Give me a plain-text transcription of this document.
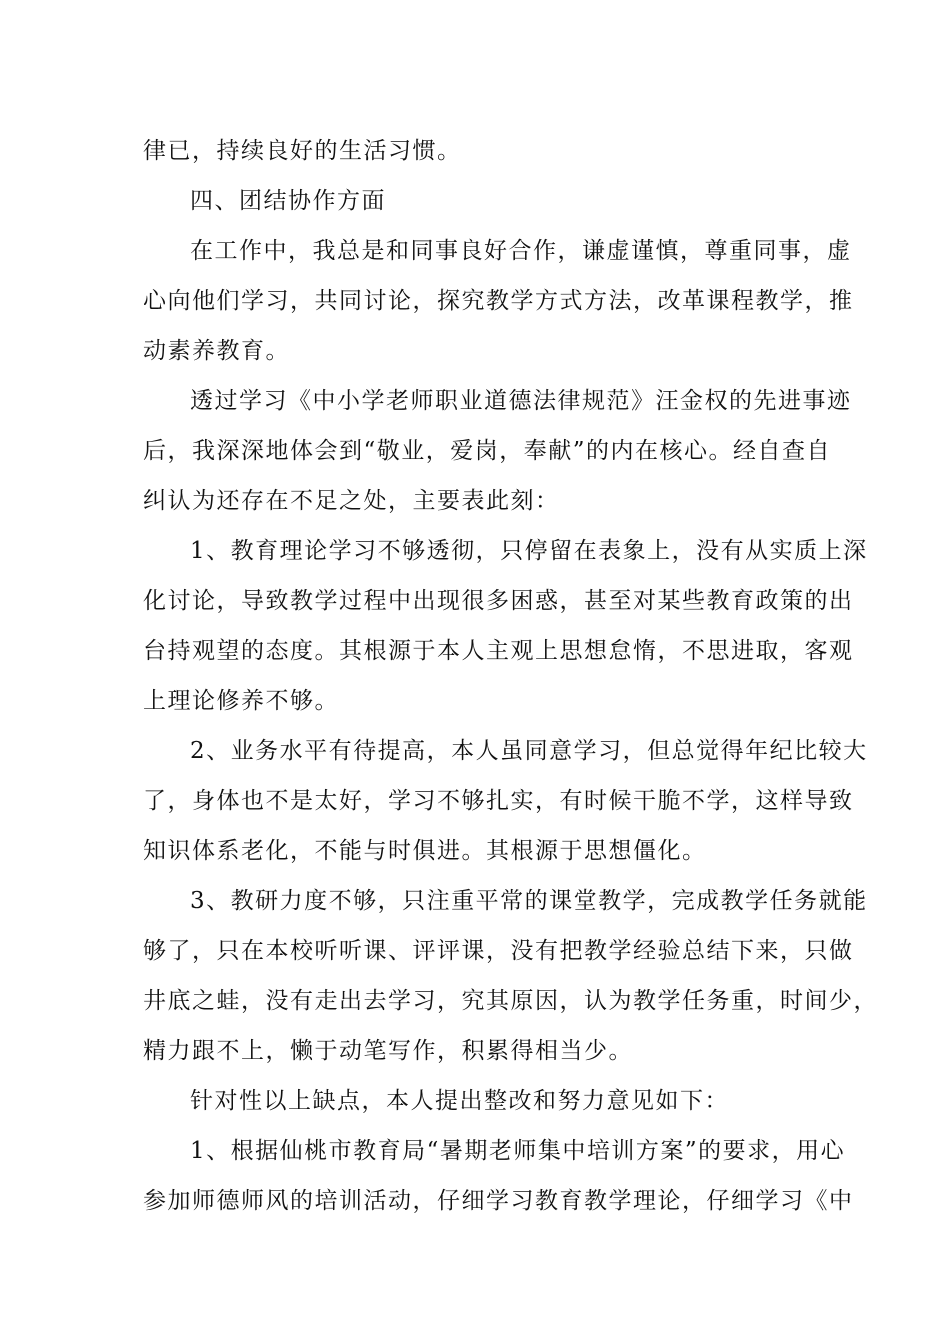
律已，持续良好的生活习惯。
四、团结协作方面
在工作中，我总是和同事良好合作，谦虚谨慎，尊重同事，虚
心向他们学习，共同讨论，探究教学方式方法，改革课程教学，推
动素养教育。
透过学习《中小学老师职业道德法律规范》汪金权的先进事迹
后，我深深地体会到“敬业，爱岗，奉献”的内在核心。经自查自
纠认为还存在不足之处，主要表此刻：
1、教育理论学习不够透彻，只停留在表象上，没有从实质上深
化讨论，导致教学过程中出现很多困惑，甚至对某些教育政策的出
台持观望的态度。其根源于本人主观上思想怠惰，不思进取，客观
上理论修养不够。
2、业务水平有待提高，本人虽同意学习，但总觉得年纪比较大
了，身体也不是太好，学习不够扎实，有时候干脆不学，这样导致
知识体系老化，不能与时俱进。其根源于思想僵化。
3、教研力度不够，只注重平常的课堂教学，完成教学任务就能
够了，只在本校听听课、评评课，没有把教学经验总结下来，只做
井底之蛙，没有走出去学习，究其原因，认为教学任务重，时间少，
精力跟不上，懒于动笔写作，积累得相当少。
针对性以上缺点，本人提出整改和努力意见如下：
1、根据仙桃市教育局“暑期老师集中培训方案”的要求，用心
参加师德师风的培训活动，仔细学习教育教学理论，仔细学习《中
